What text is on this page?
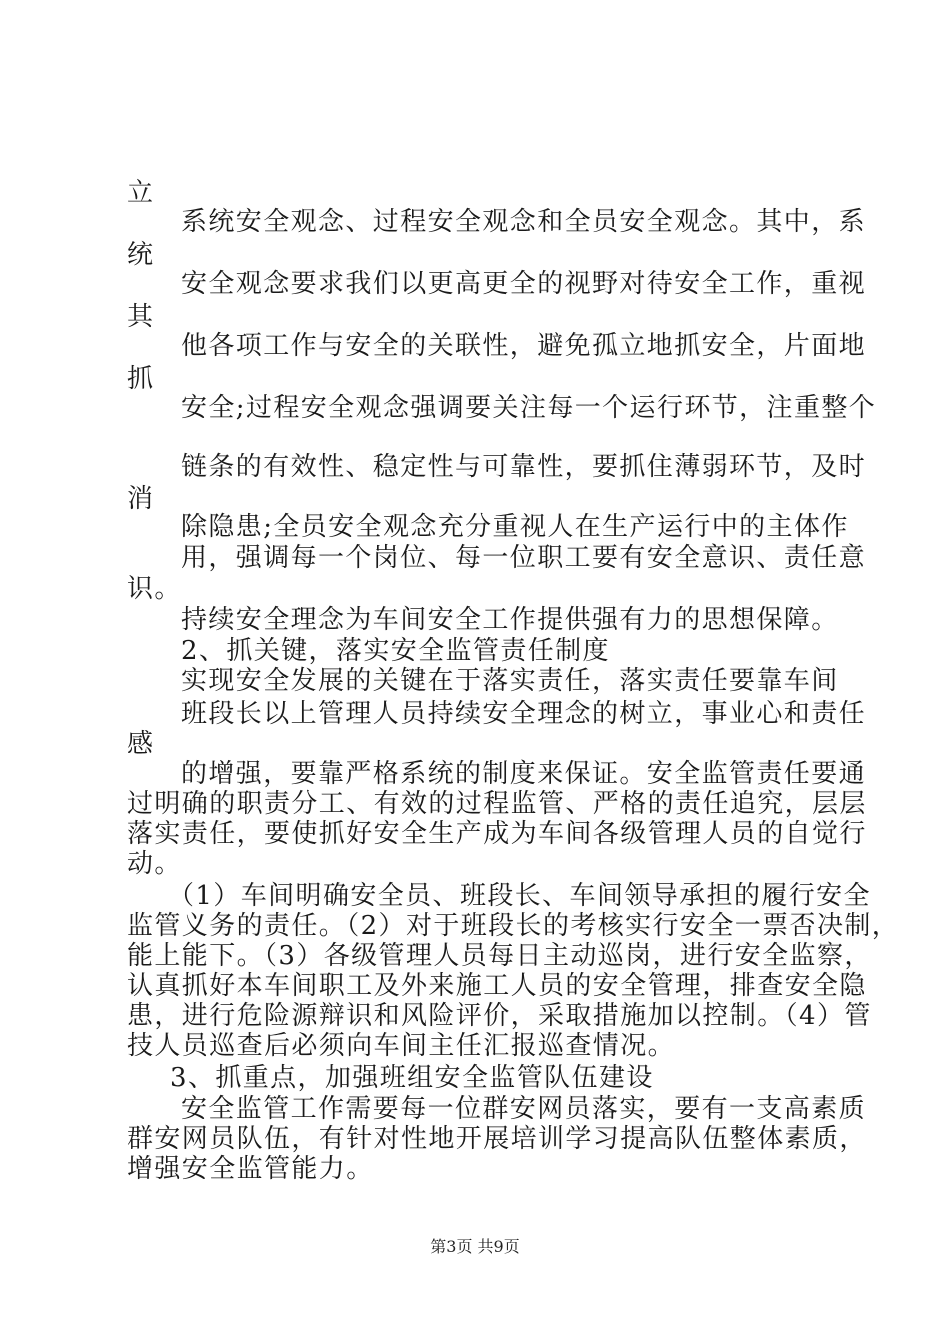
立
系统安全观念、过程安全观念和全员安全观念。其中，系
统
安全观念要求我们以更高更全的视野对待安全工作，重视
其
他各项工作与安全的关联性，避免孤立地抓安全，片面地
抓
安全;过程安全观念强调要关注每一个运行环节，注重整个
链条的有效性、稳定性与可靠性，要抓住薄弱环节，及时
消
除隐患;全员安全观念充分重视人在生产运行中的主体作
用，强调每一个岗位、每一位职工要有安全意识、责任意
识。
持续安全理念为车间安全工作提供强有力的思想保障。
2、抓关键，落实安全监管责任制度
实现安全发展的关键在于落实责任，落实责任要靠车间
班段长以上管理人员持续安全理念的树立，事业心和责任
感
的增强，要靠严格系统的制度来保证。安全监管责任要通
过明确的职责分工、有效的过程监管、严格的责任追究，层层
落实责任，要使抓好安全生产成为车间各级管理人员的自觉行
动。
（1）车间明确安全员、班段长、车间领导承担的履行安全
监管义务的责任。（2）对于班段长的考核实行安全一票否决制，
能上能下。（3）各级管理人员每日主动巡岗，进行安全监察，
认真抓好本车间职工及外来施工人员的安全管理，排查安全隐
患，进行危险源辩识和风险评价，采取措施加以控制。（4）管
技人员巡查后必须向车间主任汇报巡查情况。
3、抓重点，加强班组安全监管队伍建设
安全监管工作需要每一位群安网员落实，要有一支高素质
群安网员队伍，有针对性地开展培训学习提高队伍整体素质，
增强安全监管能力。
第3页 共9页
